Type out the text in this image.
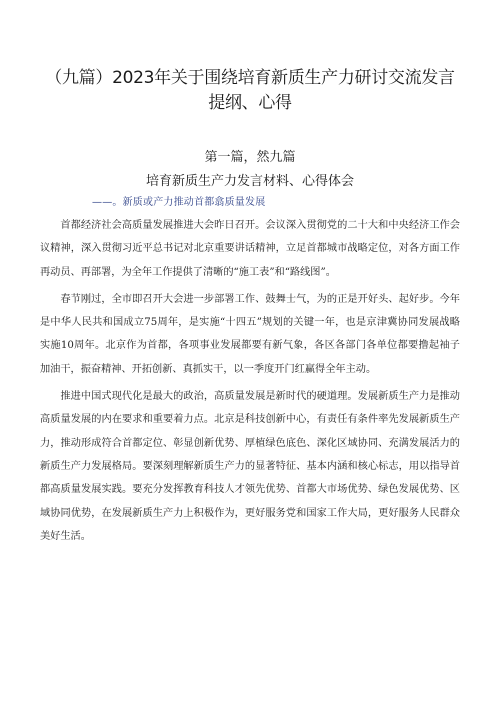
（九篇）2023年关于围绕培育新质生产力研讨交流发言提纲、心得
第一篇，然九篇
培育新质生产力发言材料、心得体会
——。新质或产力推动首都翕质量发展

首都经济社会高质量发展推进大会昨日召开。会议深入贯彻党的二十大和中央经济工作会议精神，深入贯彻习近平总书记对北京重要讲话精神，立足首都城市战略定位，对各方面工作再动员、再部署，为全年工作提供了清晰的“施工表”和“路线图”。

春节刚过，全市即召开大会进一步部署工作、鼓舞士气，为的正是开好头、起好步。今年是中华人民共和国成立75周年，是实施“十四五”规划的关键一年，也是京津冀协同发展战略实施10周年。北京作为首都，各项事业发展都要有新气象，各区各部门各单位都要撸起袖子加油干，振奋精神、开拓创新、真抓实干，以一季度开门红赢得全年主动。

推进中国式现代化是最大的政治，高质量发展是新时代的硬道理。发展新质生产力是推动高质量发展的内在要求和重要着力点。北京是科技创新中心，有责任有条件率先发展新质生产力，推动形成符合首都定位、彰显创新优势、厚植绿色底色、深化区域协同、充满发展活力的新质生产力发展格局。要深刻理解新质生产力的显著特征、基本内涵和核心标志，用以指导首都高质量发展实践。要充分发挥教育科技人才领先优势、首都大市场优势、绿色发展优势、区域协同优势，在发展新质生产力上积极作为，更好服务党和国家工作大局，更好服务人民群众美好生活。
